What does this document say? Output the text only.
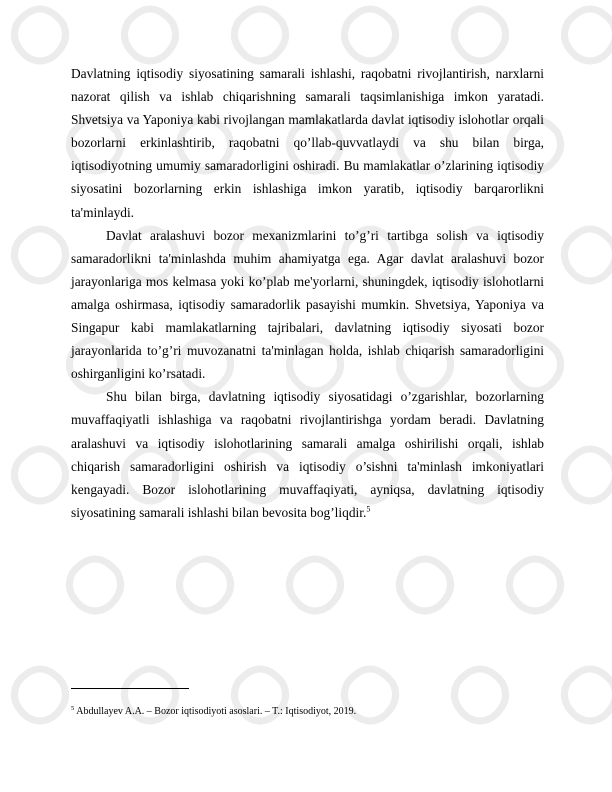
Davlatning iqtisodiy siyosatining samarali ishlashi, raqobatni rivojlantirish, narxlarni nazorat qilish va ishlab chiqarishning samarali taqsimlanishiga imkon yaratadi. Shvetsiya va Yaponiya kabi rivojlangan mamlakatlarda davlat iqtisodiy islohotlar orqali bozorlarni erkinlashtirib, raqobatni qo’llab-quvvatlaydi va shu bilan birga, iqtisodiyotning umumiy samaradorligini oshiradi. Bu mamlakatlar o’zlarining iqtisodiy siyosatini bozorlarning erkin ishlashiga imkon yaratib, iqtisodiy barqarorlikni ta'minlaydi.

Davlat aralashuvi bozor mexanizmlarini to’g’ri tartibga solish va iqtisodiy samaradorlikni ta'minlashda muhim ahamiyatga ega. Agar davlat aralashuvi bozor jarayonlariga mos kelmasa yoki ko’plab me'yorlarni, shuningdek, iqtisodiy islohotlarni amalga oshirmasa, iqtisodiy samaradorlik pasayishi mumkin. Shvetsiya, Yaponiya va Singapur kabi mamlakatlarning tajribalari, davlatning iqtisodiy siyosati bozor jarayonlarida to’g’ri muvozanatni ta'minlagan holda, ishlab chiqarish samaradorligini oshirganligini ko’rsatadi.

Shu bilan birga, davlatning iqtisodiy siyosatidagi o’zgarishlar, bozorlarning muvaffaqiyatli ishlashiga va raqobatni rivojlantirishga yordam beradi. Davlatning aralashuvi va iqtisodiy islohotlarining samarali amalga oshirilishi orqali, ishlab chiqarish samaradorligini oshirish va iqtisodiy o’sishni ta'minlash imkoniyatlari kengayadi. Bozor islohotlarining muvaffaqiyati, ayniqsa, davlatning iqtisodiy siyosatining samarali ishlashi bilan bevosita bog’liqdir.$^5$

$^5$ Abdullayev A.A. – Bozor iqtisodiyoti asoslari. – T.: Iqtisodiyot, 2019.
